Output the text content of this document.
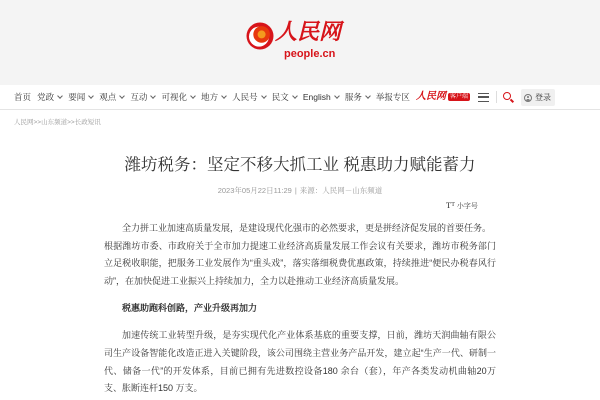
人民网
people.cn
首页 党政 要闻 观点 互动 可视化 地方 人民号 民文 English 服务 举报专区 人民网 客户端	登录
人民网>>山东频道>>长政短讯
潍坊税务：坚定不移大抓工业 税惠助力赋能蓄力
2023年05月22日11:29 | 来源：人民网－山东频道
T T
小字号

全力拼工业加速高质量发展，是建设现代化强市的必然要求，更是拼经济促发展的首要任务。
根据潍坊市委、市政府关于全市加力提速工业经济高质量发展工作会议有关要求，潍坊市税务部门立足税收职能，把服务工业发展作为“重头戏”，落实落细税费优惠政策，持续推进“便民办税春风行动”，在加快促进工业振兴上持续加力，全力以赴推动工业经济高质量发展。

税惠助跑科创路，产业升级再加力

加速传统工业转型升级，是夯实现代化产业体系基底的重要支撑，日前，潍坊天润曲轴有限公司生产设备智能化改造正进入关键阶段，该公司围绕主营业务产品开发，建立起“生产一代、研制一代、储备一代”的开发体系，目前已拥有先进数控设备180 余台（套），年产各类发动机曲轴20万支、胀断连杆150 万支。
